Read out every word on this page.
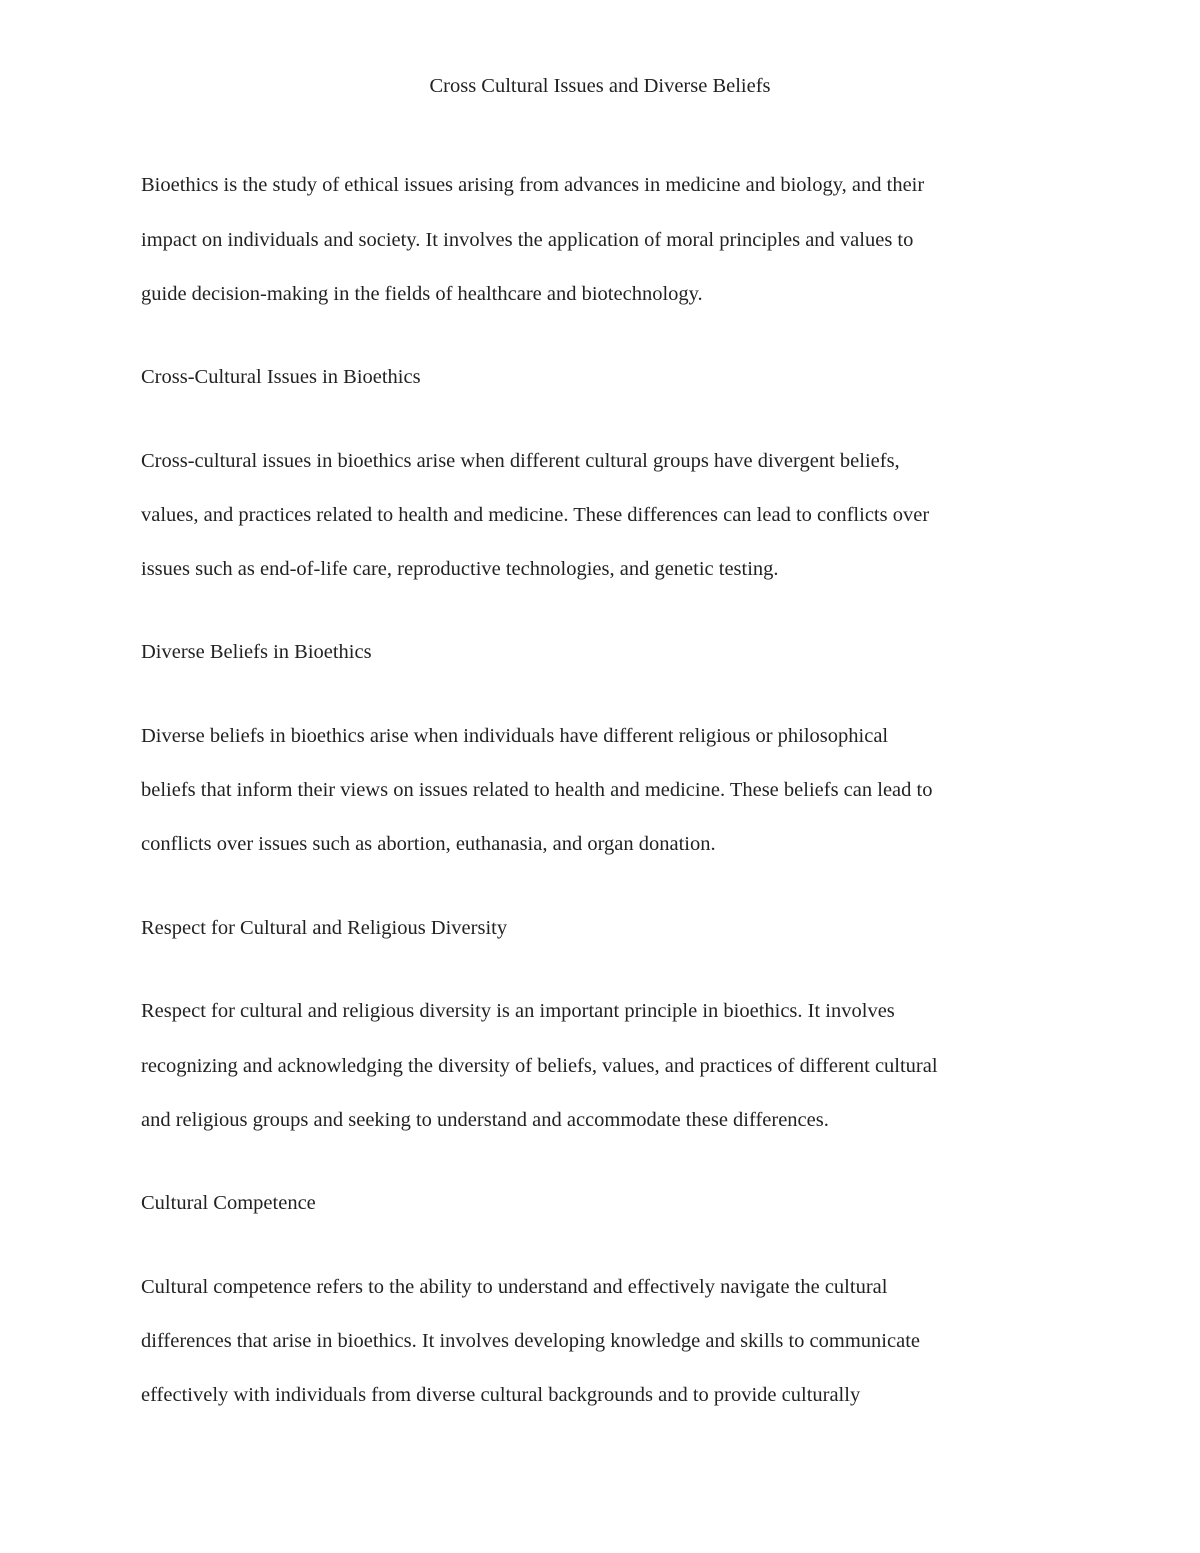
Cross Cultural Issues and Diverse Beliefs

Bioethics is the study of ethical issues arising from advances in medicine and biology, and their

impact on individuals and society. It involves the application of moral principles and values to

guide decision-making in the fields of healthcare and biotechnology.

Cross-Cultural Issues in Bioethics

Cross-cultural issues in bioethics arise when different cultural groups have divergent beliefs,

values, and practices related to health and medicine. These differences can lead to conflicts over

issues such as end-of-life care, reproductive technologies, and genetic testing.

Diverse Beliefs in Bioethics

Diverse beliefs in bioethics arise when individuals have different religious or philosophical

beliefs that inform their views on issues related to health and medicine. These beliefs can lead to

conflicts over issues such as abortion, euthanasia, and organ donation.

Respect for Cultural and Religious Diversity

Respect for cultural and religious diversity is an important principle in bioethics. It involves

recognizing and acknowledging the diversity of beliefs, values, and practices of different cultural

and religious groups and seeking to understand and accommodate these differences.

Cultural Competence

Cultural competence refers to the ability to understand and effectively navigate the cultural

differences that arise in bioethics. It involves developing knowledge and skills to communicate

effectively with individuals from diverse cultural backgrounds and to provide culturally
